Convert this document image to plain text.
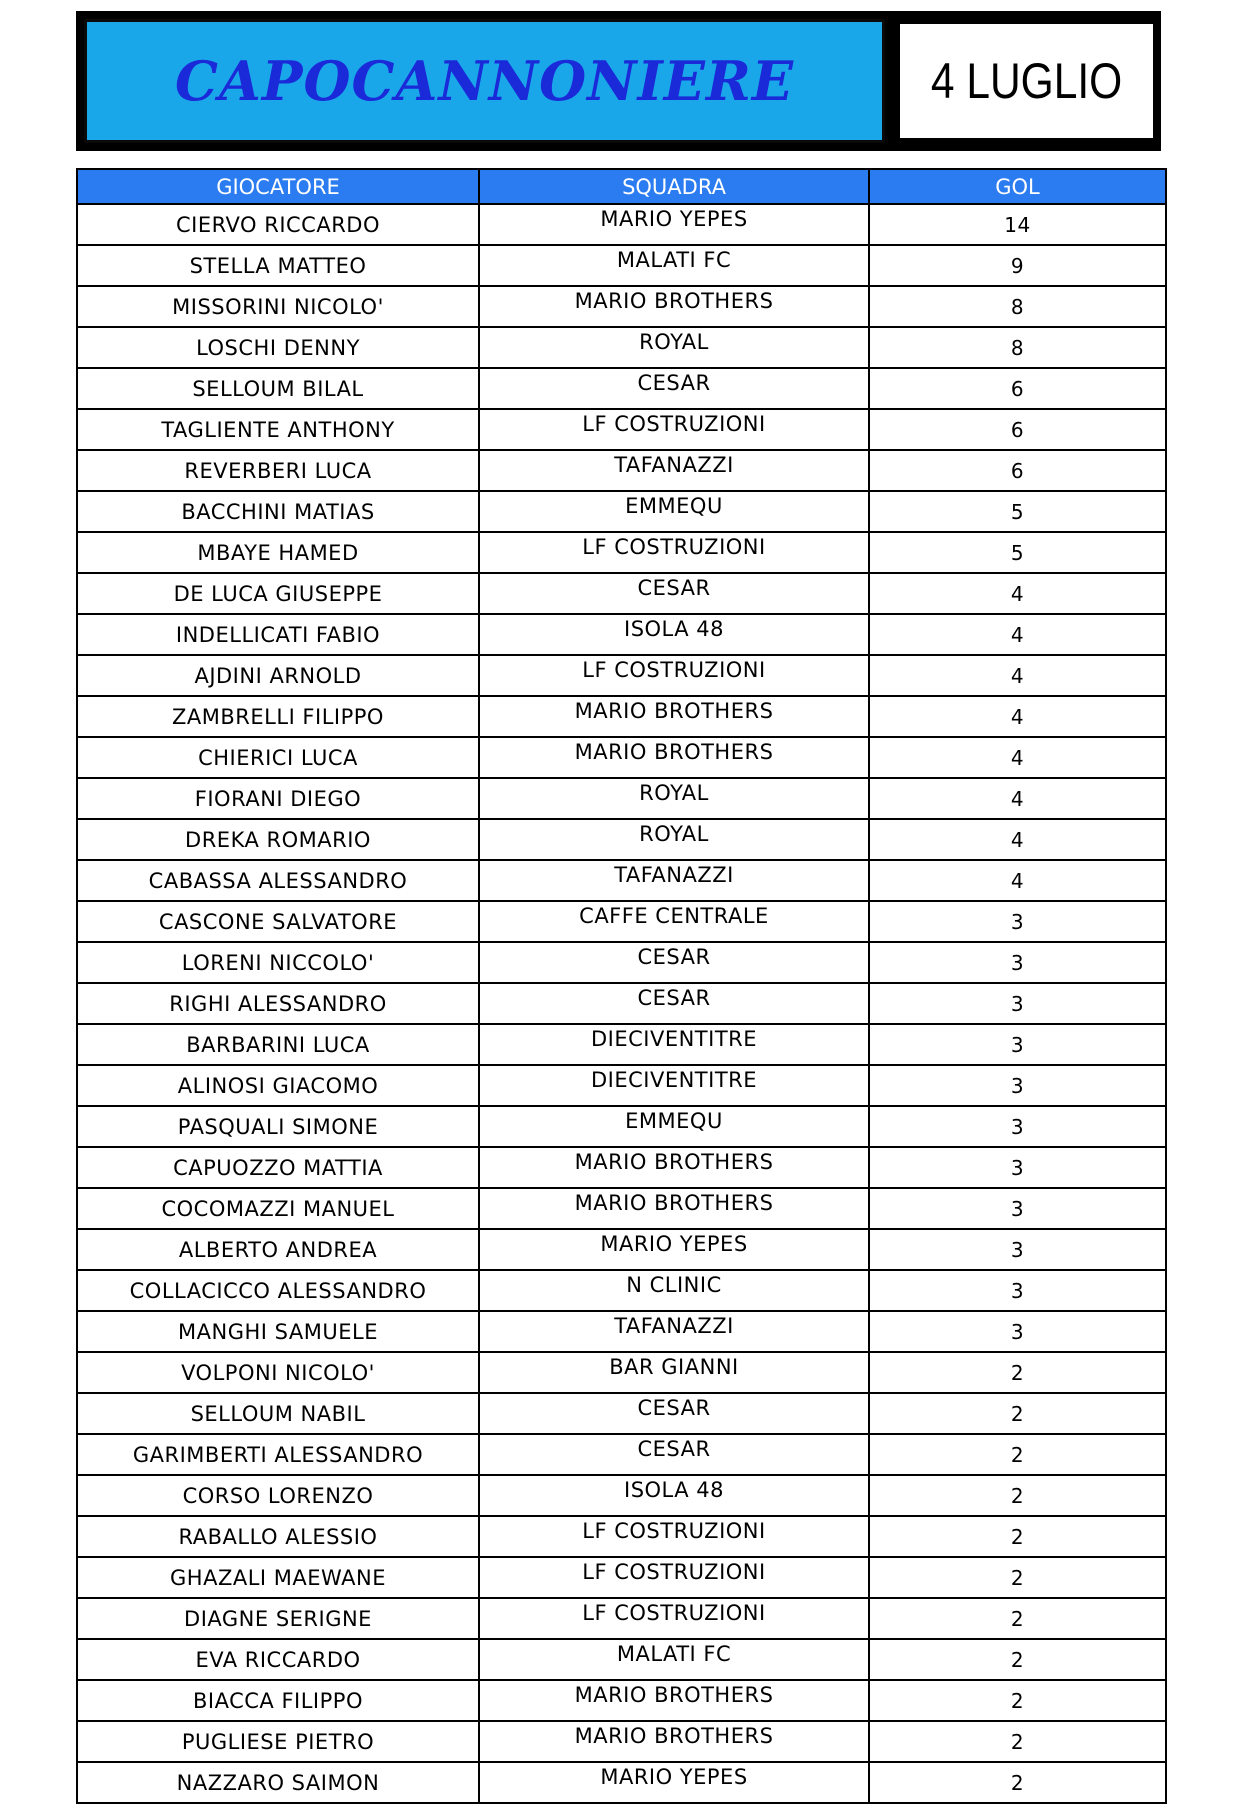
CAPOCANNONIERE	4 LUGLIO
GIOCATORE	SQUADRA	GOL
CIERVO RICCARDO	MARIO YEPES	14
STELLA MATTEO	MALATI FC	9
MISSORINI NICOLO'	MARIO BROTHERS	8
LOSCHI DENNY	ROYAL	8
SELLOUM BILAL	CESAR	6
TAGLIENTE ANTHONY	LF COSTRUZIONI	6
REVERBERI LUCA	TAFANAZZI	6
BACCHINI MATIAS	EMMEQU	5
MBAYE HAMED	LF COSTRUZIONI	5
DE LUCA GIUSEPPE	CESAR	4
INDELLICATI FABIO	ISOLA 48	4
AJDINI ARNOLD	LF COSTRUZIONI	4
ZAMBRELLI FILIPPO	MARIO BROTHERS	4
CHIERICI LUCA	MARIO BROTHERS	4
FIORANI DIEGO	ROYAL	4
DREKA ROMARIO	ROYAL	4
CABASSA ALESSANDRO	TAFANAZZI	4
CASCONE SALVATORE	CAFFE CENTRALE	3
LORENI NICCOLO'	CESAR	3
RIGHI ALESSANDRO	CESAR	3
BARBARINI LUCA	DIECIVENTITRE	3
ALINOSI GIACOMO	DIECIVENTITRE	3
PASQUALI SIMONE	EMMEQU	3
CAPUOZZO MATTIA	MARIO BROTHERS	3
COCOMAZZI MANUEL	MARIO BROTHERS	3
ALBERTO ANDREA	MARIO YEPES	3
COLLACICCO ALESSANDRO	N CLINIC	3
MANGHI SAMUELE	TAFANAZZI	3
VOLPONI NICOLO'	BAR GIANNI	2
SELLOUM NABIL	CESAR	2
GARIMBERTI ALESSANDRO	CESAR	2
CORSO LORENZO	ISOLA 48	2
RABALLO ALESSIO	LF COSTRUZIONI	2
GHAZALI MAEWANE	LF COSTRUZIONI	2
DIAGNE SERIGNE	LF COSTRUZIONI	2
EVA RICCARDO	MALATI FC	2
BIACCA FILIPPO	MARIO BROTHERS	2
PUGLIESE PIETRO	MARIO BROTHERS	2
NAZZARO SAIMON	MARIO YEPES	2
